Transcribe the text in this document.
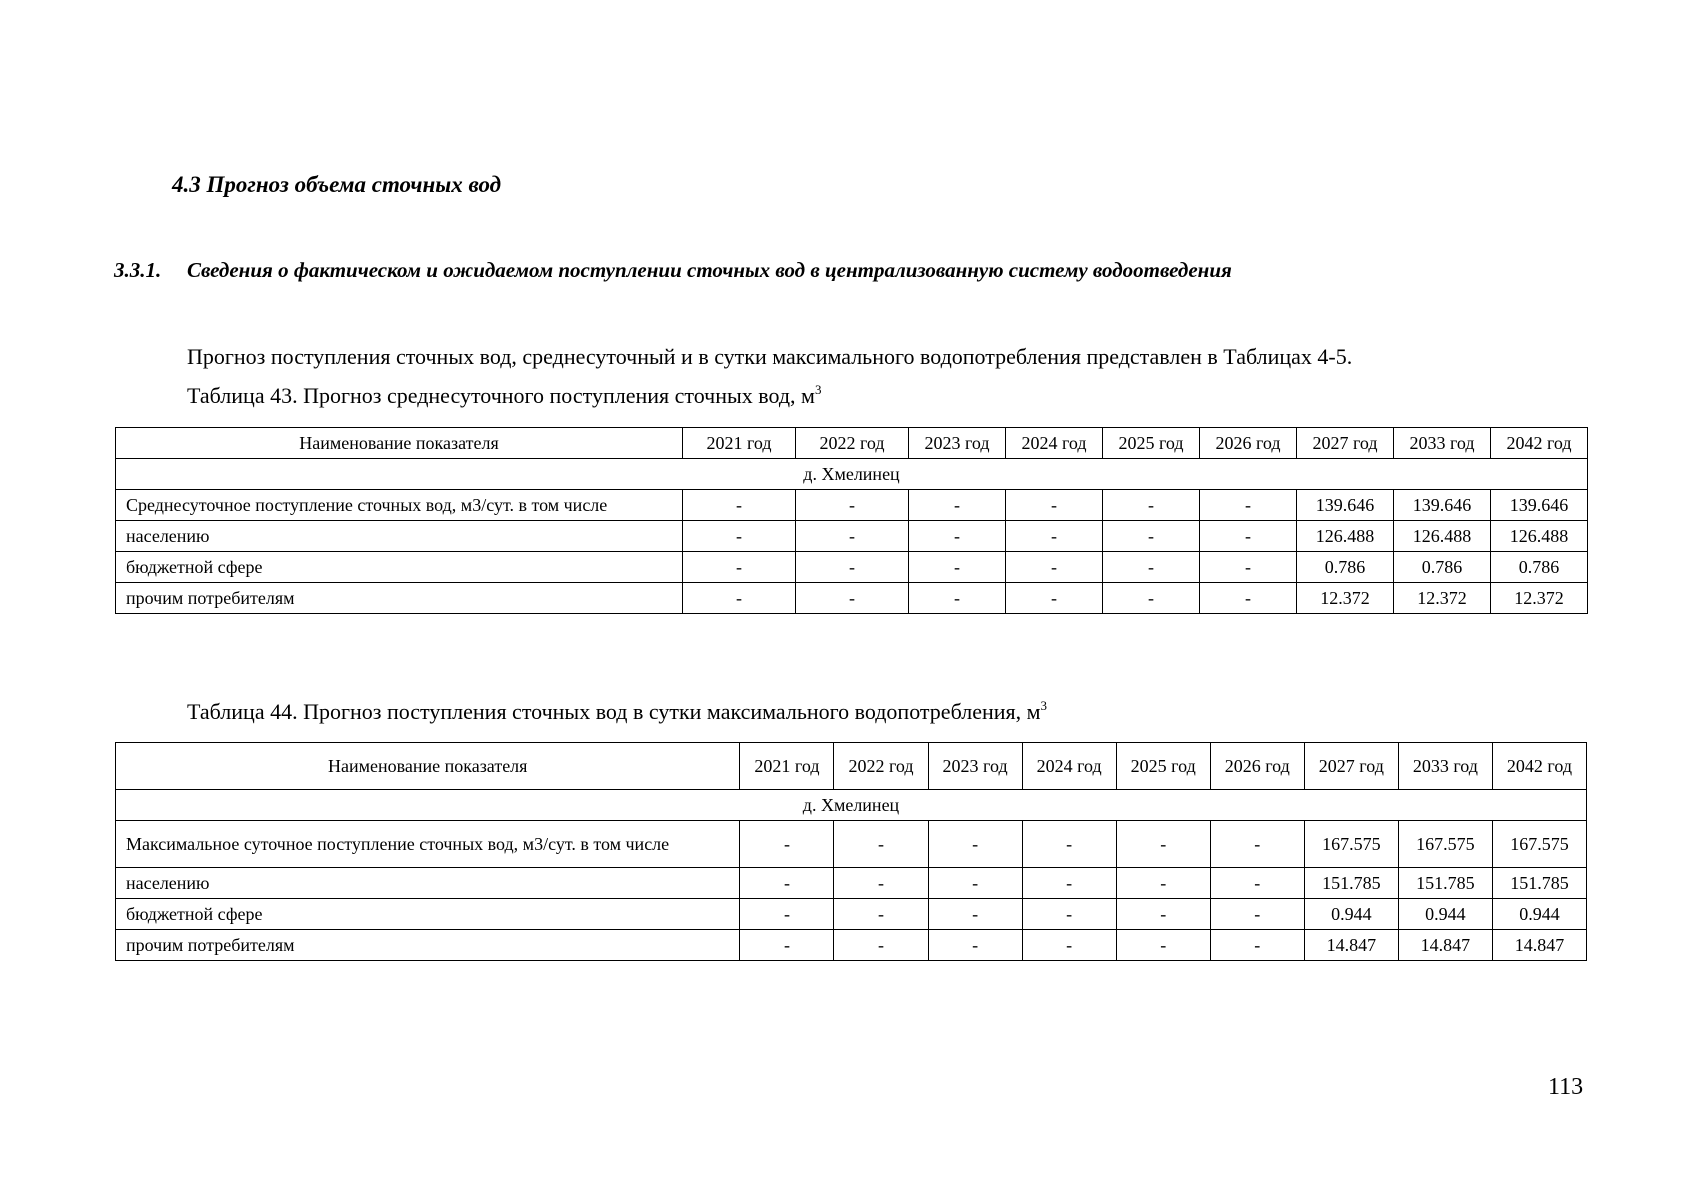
4.3 Прогноз объема сточных вод
3.3.1. Сведения о фактическом и ожидаемом поступлении сточных вод в централизованную систему водоотведения
Прогноз поступления сточных вод, среднесуточный и в сутки максимального водопотребления представлен в Таблицах 4-5.
Таблица 43. Прогноз среднесуточного поступления сточных вод, $м^3$
Наименование показателя	2021 год	2022 год	2023 год	2024 год	2025 год	2026 год	2027 год	2033 год	2042 год
д. Хмелинец									
Среднесуточное поступление сточных вод, м3/сут. в том числе	-	-	-	-	-	-	139.646	139.646	139.646
населению	-	-	-	-	-	-	126.488	126.488	126.488
бюджетной сфере	-	-	-	-	-	-	0.786	0.786	0.786
прочим потребителям	-	-	-	-	-	-	12.372	12.372	12.372
Таблица 44. Прогноз поступления сточных вод в сутки максимального водопотребления, $м^3$
Наименование показателя	2021 год	2022 год	2023 год	2024 год	2025 год	2026 год	2027 год	2033 год	2042 год
д. Хмелинец									
Максимальное суточное поступление сточных вод, м3/сут. в том числе	-	-	-	-	-	-	167.575	167.575	167.575
населению	-	-	-	-	-	-	151.785	151.785	151.785
бюджетной сфере	-	-	-	-	-	-	0.944	0.944	0.944
прочим потребителям	-	-	-	-	-	-	14.847	14.847	14.847
113
